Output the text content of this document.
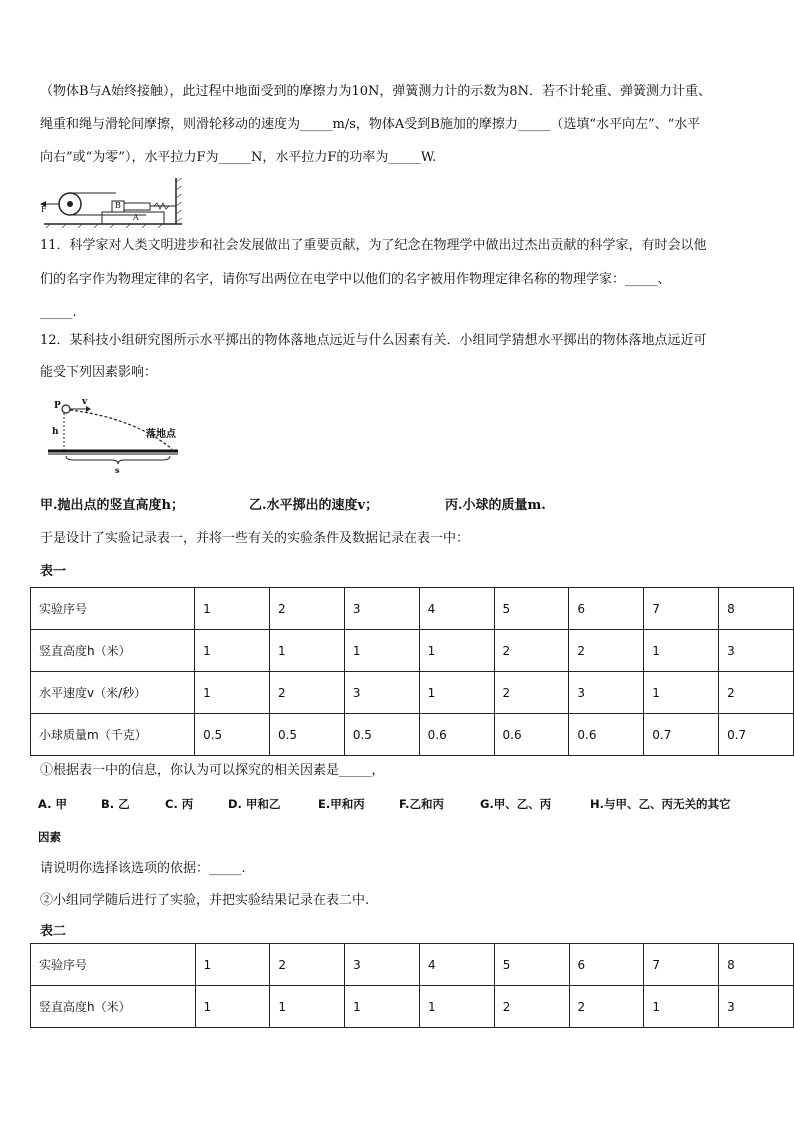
（物体B与A始终接触），此过程中地面受到的摩擦力为10N，弹簧测力计的示数为8N．若不计轮重、弹簧测力计重、
绳重和绳与滑轮间摩擦，则滑轮移动的速度为_____m/s，物体A受到B施加的摩擦力_____（选填“水平向左”、“水平
向右”或“为零”），水平拉力F为_____N，水平拉力F的功率为_____W.
F	B
A
11．科学家对人类文明进步和社会发展做出了重要贡献，为了纪念在物理学中做出过杰出贡献的科学家，有时会以他
们的名字作为物理定律的名字，请你写出两位在电学中以他们的名字被用作物理定律名称的物理学家：_____、
_____.
12．某科技小组研究图所示水平掷出的物体落地点远近与什么因素有关．小组同学猜想水平掷出的物体落地点远近可
能受下列因素影响：
P v
h	落地点
s
甲.抛出点的竖直高度h；	乙.水平掷出的速度v；	丙.小球的质量m.
于是设计了实验记录表一，并将一些有关的实验条件及数据记录在表一中：
表一
实验序号	1	2	3	4	5	6	7	8
竖直高度h（米）	1	1	1	1	2	2	1	3
水平速度v（米/秒）	1	2	3	1	2	3	1	2
小球质量m（千克）	0.5	0.5	0.5	0.6	0.6	0.6	0.7	0.7
①根据表一中的信息，你认为可以探究的相关因素是_____，
A. 甲	B. 乙	C. 丙	D. 甲和乙	E.甲和丙	F.乙和丙	G.甲、乙、丙	H.与甲、乙、丙无关的其它
因素
请说明你选择该选项的依据：_____.
②小组同学随后进行了实验，并把实验结果记录在表二中.
表二
实验序号	1	2	3	4	5	6	7	8
竖直高度h（米）	1	1	1	1	2	2	1	3
